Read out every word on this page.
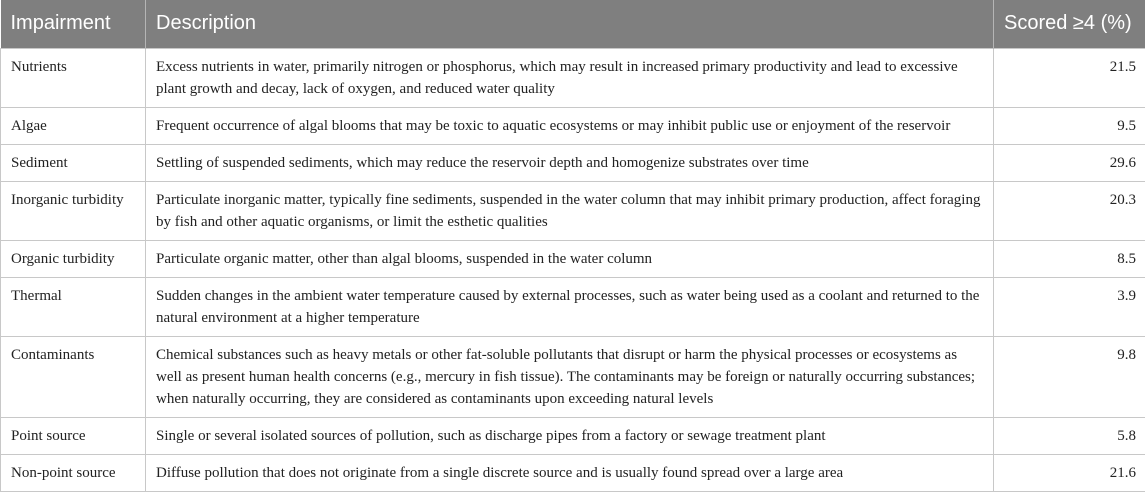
Impairment	Description	Scored ≥4 (%)
Nutrients	Excess nutrients in water, primarily nitrogen or phosphorus, which may result in increased primary productivity and lead to excessive plant growth and decay, lack of oxygen, and reduced water quality	21.5
Algae	Frequent occurrence of algal blooms that may be toxic to aquatic ecosystems or may inhibit public use or enjoyment of the reservoir	9.5
Sediment	Settling of suspended sediments, which may reduce the reservoir depth and homogenize substrates over time	29.6
Inorganic turbidity	Particulate inorganic matter, typically fine sediments, suspended in the water column that may inhibit primary production, affect foraging by fish and other aquatic organisms, or limit the esthetic qualities	20.3
Organic turbidity	Particulate organic matter, other than algal blooms, suspended in the water column	8.5
Thermal	Sudden changes in the ambient water temperature caused by external processes, such as water being used as a coolant and returned to the natural environment at a higher temperature	3.9
Contaminants	Chemical substances such as heavy metals or other fat-soluble pollutants that disrupt or harm the physical processes or ecosystems as well as present human health concerns (e.g., mercury in fish tissue). The contaminants may be foreign or naturally occurring substances; when naturally occurring, they are considered as contaminants upon exceeding natural levels	9.8
Point source	Single or several isolated sources of pollution, such as discharge pipes from a factory or sewage treatment plant	5.8
Non-point source	Diffuse pollution that does not originate from a single discrete source and is usually found spread over a large area	21.6
